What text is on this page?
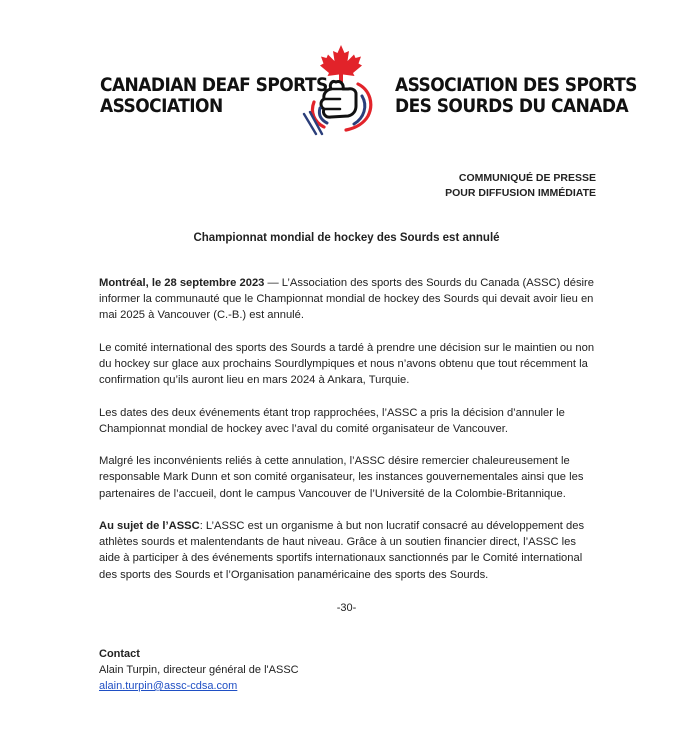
CANADIAN DEAF SPORTS
ASSOCIATION
ASSOCIATION DES SPORTS
DES SOURDS DU CANADA
COMMUNIQUÉ DE PRESSE
POUR DIFFUSION IMMÉDIATE
Championnat mondial de hockey des Sourds est annulé

Montréal, le 28 septembre 2023 — L’Association des sports des Sourds du Canada (ASSC) désire informer la communauté que le Championnat mondial de hockey des Sourds qui devait avoir lieu en mai 2025 à Vancouver (C.-B.) est annulé.

Le comité international des sports des Sourds a tardé à prendre une décision sur le maintien ou non du hockey sur glace aux prochains Sourdlympiques et nous n’avons obtenu que tout récemment la confirmation qu’ils auront lieu en mars 2024 à Ankara, Turquie.

Les dates des deux événements étant trop rapprochées, l’ASSC a pris la décision d’annuler le Championnat mondial de hockey avec l’aval du comité organisateur de Vancouver.

Malgré les inconvénients reliés à cette annulation, l’ASSC désire remercier chaleureusement le responsable Mark Dunn et son comité organisateur, les instances gouvernementales ainsi que les partenaires de l’accueil, dont le campus Vancouver de l’Université de la Colombie-Britannique.

Au sujet de l’ASSC: L’ASSC est un organisme à but non lucratif consacré au développement des athlètes sourds et malentendants de haut niveau. Grâce à un soutien financier direct, l’ASSC les aide à participer à des événements sportifs internationaux sanctionnés par le Comité international des sports des Sourds et l’Organisation panaméricaine des sports des Sourds.

-30-
Contact
Alain Turpin, directeur général de l'ASSC
alain.turpin@assc-cdsa.com
